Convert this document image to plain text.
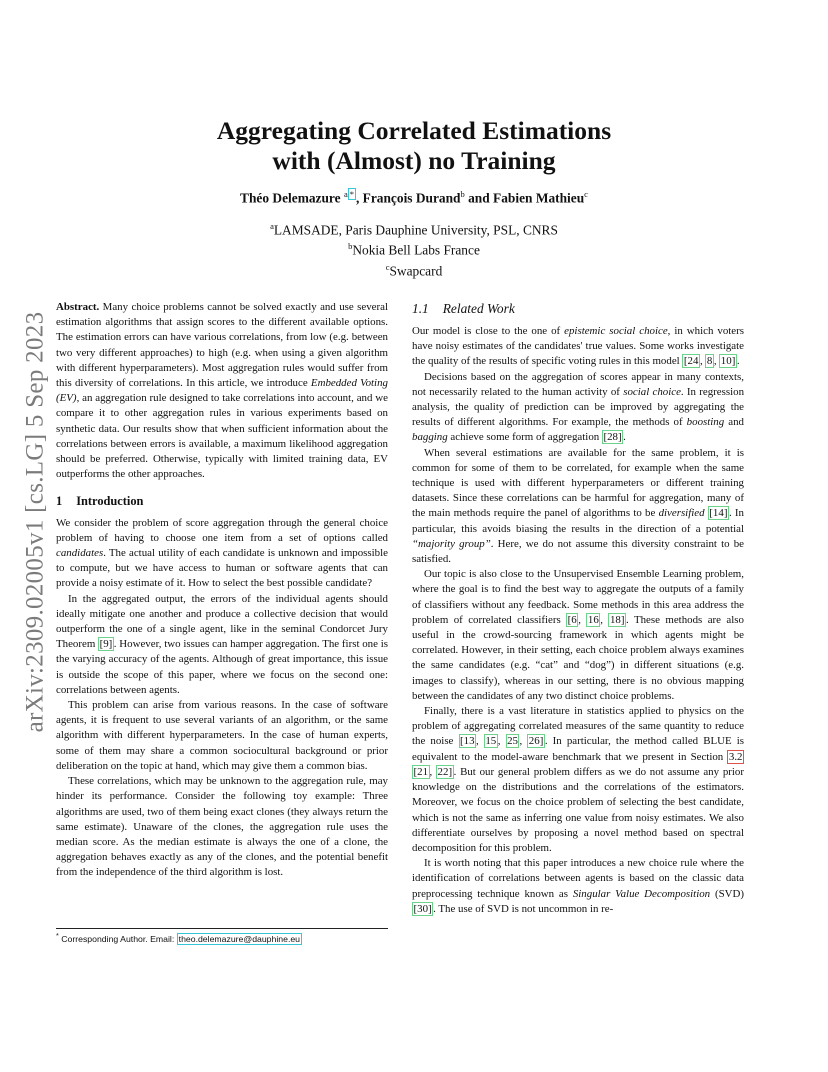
Aggregating Correlated Estimations
with (Almost) no Training
Théo Delemazure $^a$ * , François Durand$^b$ and Fabien Mathieu$^c$
$^a$LAMSADE, Paris Dauphine University, PSL, CNRS
$^b$Nokia Bell Labs France
$^c$Swapcard
arXiv:2309.02005v1 [cs.LG] 5 Sep 2023

Abstract. Many choice problems cannot be solved exactly and use several estimation algorithms that assign scores to the different available options. The estimation errors can have various correlations, from low (e.g. between two very different approaches) to high (e.g. when using a given algorithm with different hyperparameters). Most aggregation rules would suffer from this diversity of correlations. In this article, we introduce Embedded Voting (EV), an aggregation rule designed to take correlations into account, and we compare it to other aggregation rules in various experiments based on synthetic data. Our results show that when sufficient information about the correlations between errors is available, a maximum likelihood aggregation should be preferred. Otherwise, typically with limited training data, EV outperforms the other approaches.

1 Introduction

We consider the problem of score aggregation through the general choice problem of having to choose one item from a set of options called candidates. The actual utility of each candidate is unknown and impossible to compute, but we have access to human or software agents that can provide a noisy estimate of it. How to select the best possible candidate?

In the aggregated output, the errors of the individual agents should ideally mitigate one another and produce a collective decision that would outperform the one of a single agent, like in the seminal Condorcet Jury Theorem [9] . However, two issues can hamper aggregation. The first one is the varying accuracy of the agents. Although of great importance, this issue is outside the scope of this paper, where we focus on the second one: correlations between agents.

This problem can arise from various reasons. In the case of software agents, it is frequent to use several variants of an algorithm, or the same algorithm with different hyperparameters. In the case of human experts, some of them may share a common sociocultural background or prior deliberation on the topic at hand, which may give them a common bias.

These correlations, which may be unknown to the aggregation rule, may hinder its performance. Consider the following toy example: Three algorithms are used, two of them being exact clones (they always return the same estimate). Unaware of the clones, the aggregation rule uses the median score. As the median estimate is always the one of a clone, the aggregation behaves exactly as any of the clones, and the potential benefit from the independence of the third algorithm is lost.

* Corresponding Author. Email: theo.delemazure@dauphine.eu
1.1 Related Work

Our model is close to the one of epistemic social choice, in which voters have noisy estimates of the candidates' true values. Some works investigate the quality of the results of specific voting rules in this model [24 , 8 , 10] .

Decisions based on the aggregation of scores appear in many contexts, not necessarily related to the human activity of social choice. In regression analysis, the quality of prediction can be improved by aggregating the results of different algorithms. For example, the methods of boosting and bagging achieve some form of aggregation [28] .

When several estimations are available for the same problem, it is common for some of them to be correlated, for example when the same technique is used with different hyperparameters or different training datasets. Since these correlations can be harmful for aggregation, many of the main methods require the panel of algorithms to be diversified [14] . In particular, this avoids biasing the results in the direction of a potential “majority group”. Here, we do not assume this diversity constraint to be satisfied.

Our topic is also close to the Unsupervised Ensemble Learning problem, where the goal is to find the best way to aggregate the outputs of a family of classifiers without any feedback. Some methods in this area address the problem of correlated classifiers [6 , 16 , 18] . These methods are also useful in the crowd-sourcing framework in which agents might be correlated. However, in their setting, each choice problem always examines the same candidates (e.g. “cat” and “dog”) in different situations (e.g. images to classify), whereas in our setting, there is no obvious mapping between the candidates of any two distinct choice problems.

Finally, there is a vast literature in statistics applied to physics on the problem of aggregating correlated measures of the same quantity to reduce the noise [13 , 15 , 25 , 26] . In particular, the method called BLUE is equivalent to the model-aware benchmark that we present in Section 3.2 [21 , 22] . But our general problem differs as we do not assume any prior knowledge on the distributions and the correlations of the estimators. Moreover, we focus on the choice problem of selecting the best candidate, which is not the same as inferring one value from noisy estimates. We also differentiate ourselves by proposing a novel method based on spectral decomposition for this problem.

It is worth noting that this paper introduces a new choice rule where the identification of correlations between agents is based on the classic data preprocessing technique known as Singular Value Decomposition (SVD) [30] . The use of SVD is not uncommon in re-
